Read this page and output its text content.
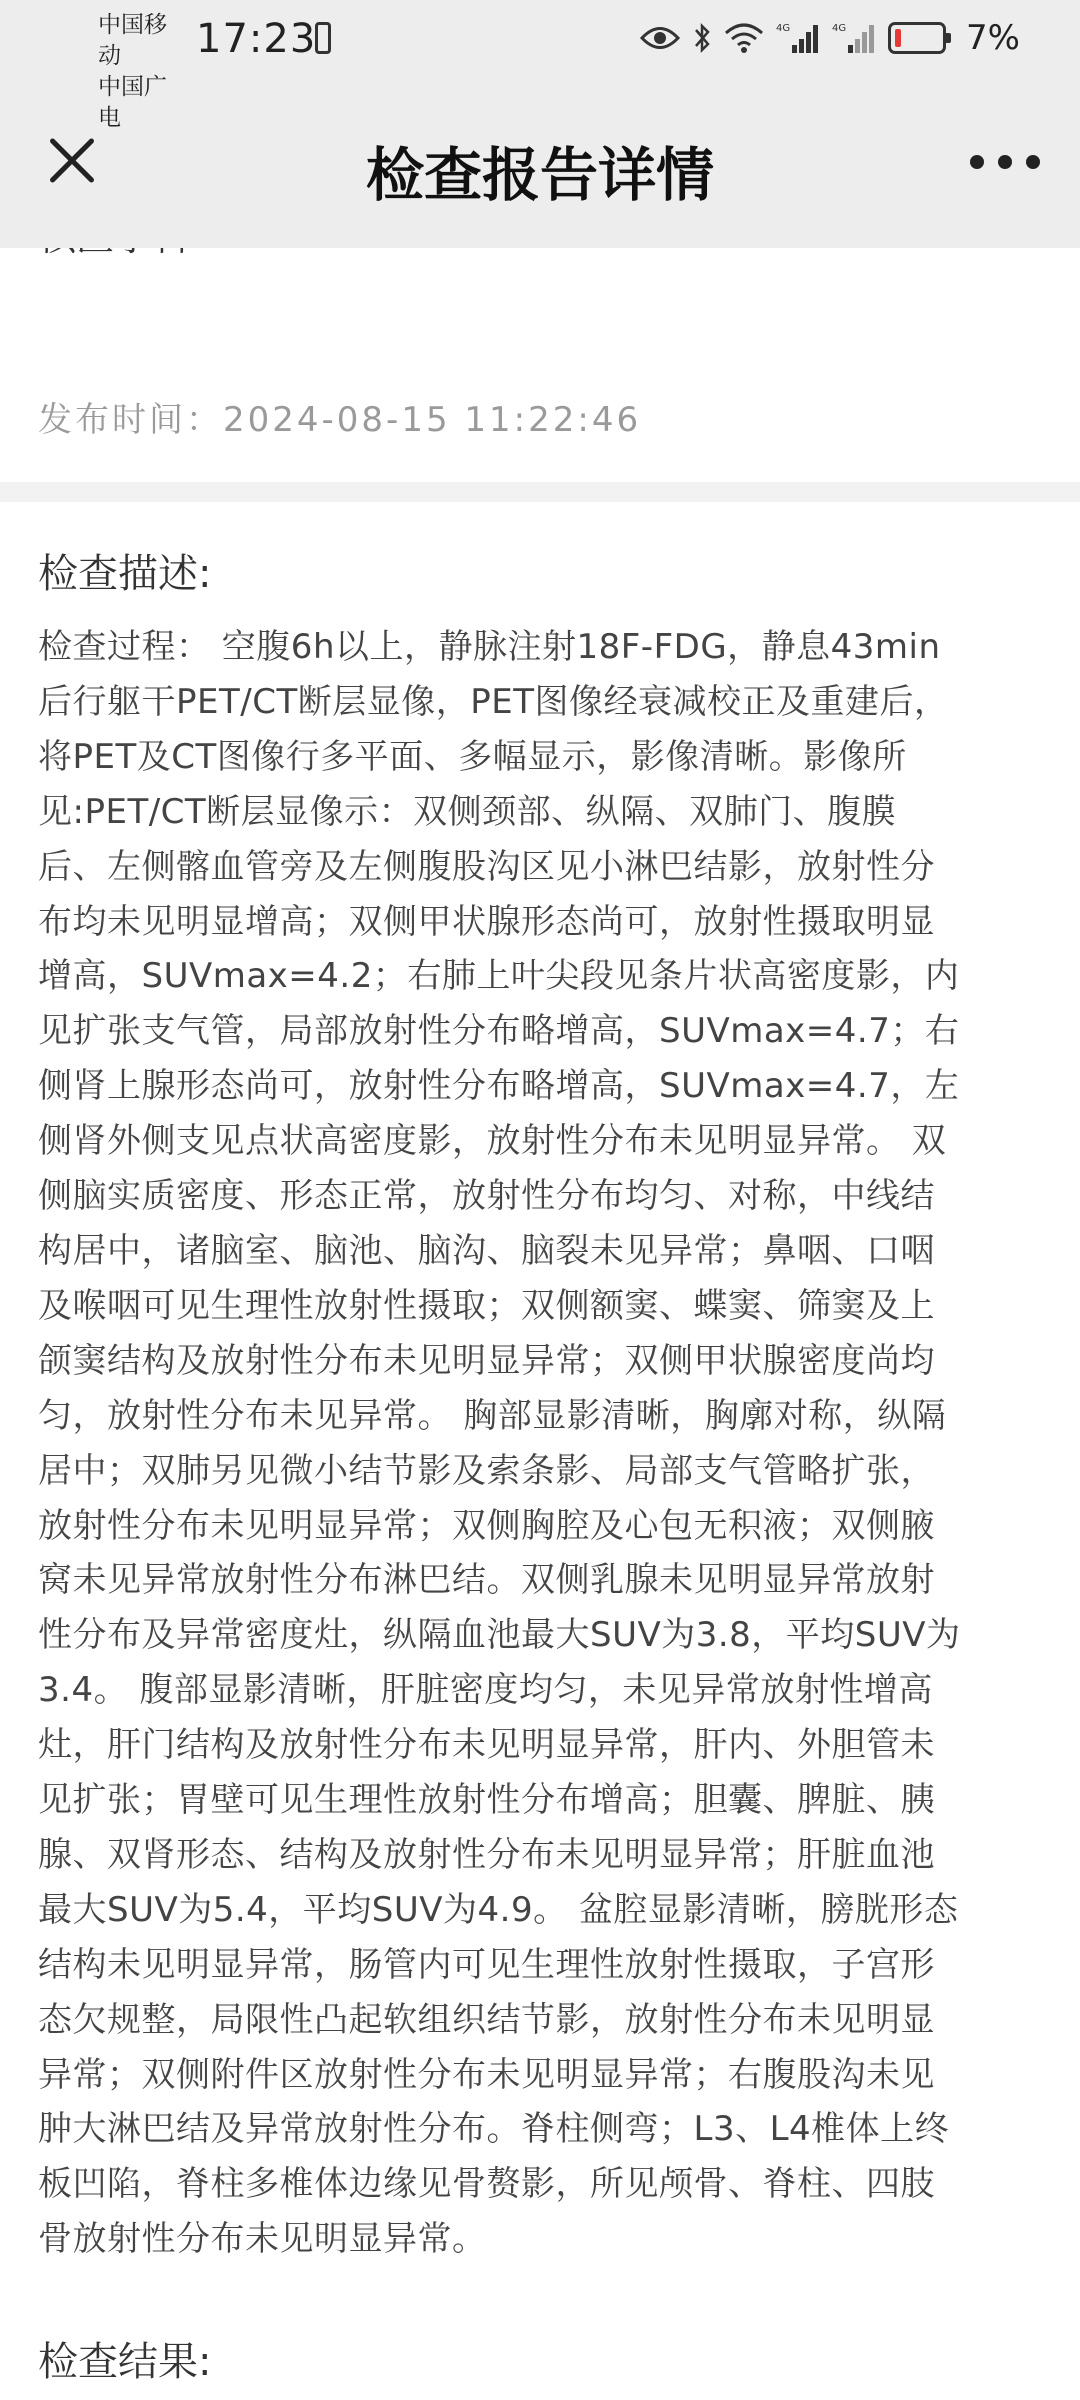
中国移动
中国广电
17:23	4G	4G	7%
检查报告详情
发布时间：2024-08-15 11:22:46
检查描述:
检查过程： 空腹6h以上，静脉注射18F-FDG，静息43min
后行躯干PET/CT断层显像，PET图像经衰减校正及重建后，
将PET及CT图像行多平面、多幅显示，影像清晰。影像所
见:PET/CT断层显像示：双侧颈部、纵隔、双肺门、腹膜
后、左侧髂血管旁及左侧腹股沟区见小淋巴结影，放射性分
布均未见明显增高；双侧甲状腺形态尚可，放射性摄取明显
增高，SUVmax=4.2；右肺上叶尖段见条片状高密度影，内
见扩张支气管，局部放射性分布略增高，SUVmax=4.7；右
侧肾上腺形态尚可，放射性分布略增高，SUVmax=4.7，左
侧肾外侧支见点状高密度影，放射性分布未见明显异常。 双
侧脑实质密度、形态正常，放射性分布均匀、对称，中线结
构居中，诸脑室、脑池、脑沟、脑裂未见异常；鼻咽、口咽
及喉咽可见生理性放射性摄取；双侧额窦、蝶窦、筛窦及上
颌窦结构及放射性分布未见明显异常；双侧甲状腺密度尚均
匀，放射性分布未见异常。 胸部显影清晰，胸廓对称，纵隔
居中；双肺另见微小结节影及索条影、局部支气管略扩张，
放射性分布未见明显异常；双侧胸腔及心包无积液；双侧腋
窝未见异常放射性分布淋巴结。双侧乳腺未见明显异常放射
性分布及异常密度灶，纵隔血池最大SUV为3.8，平均SUV为
3.4。 腹部显影清晰，肝脏密度均匀，未见异常放射性增高
灶，肝门结构及放射性分布未见明显异常，肝内、外胆管未
见扩张；胃壁可见生理性放射性分布增高；胆囊、脾脏、胰
腺、双肾形态、结构及放射性分布未见明显异常；肝脏血池
最大SUV为5.4，平均SUV为4.9。 盆腔显影清晰，膀胱形态
结构未见明显异常，肠管内可见生理性放射性摄取，子宫形
态欠规整，局限性凸起软组织结节影，放射性分布未见明显
异常；双侧附件区放射性分布未见明显异常；右腹股沟未见
肿大淋巴结及异常放射性分布。脊柱侧弯；L3、L4椎体上终
板凹陷，脊柱多椎体边缘见骨赘影，所见颅骨、脊柱、四肢
骨放射性分布未见明显异常。
检查结果:
